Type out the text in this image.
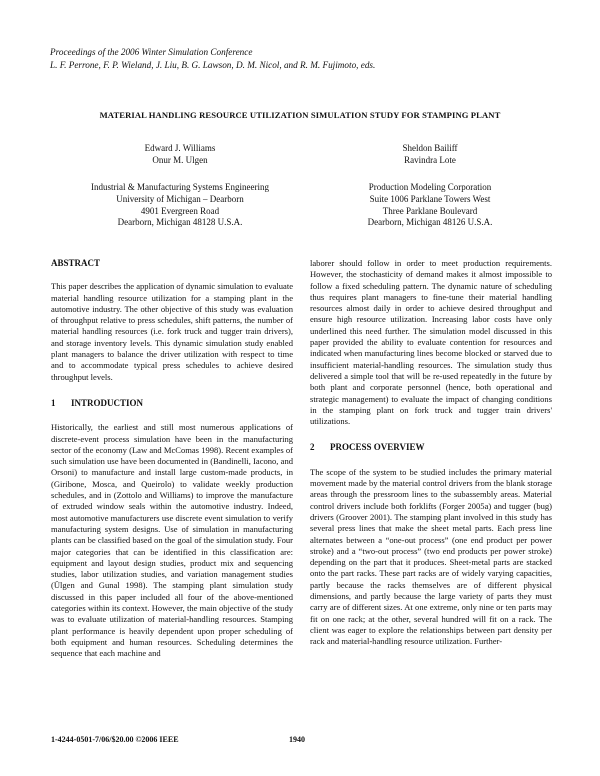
Proceedings of the 2006 Winter Simulation Conference
L. F. Perrone, F. P. Wieland, J. Liu, B. G. Lawson, D. M. Nicol, and R. M. Fujimoto, eds.
MATERIAL HANDLING RESOURCE UTILIZATION SIMULATION STUDY FOR STAMPING PLANT
Edward J. Williams
Onur M. Ulgen
Industrial & Manufacturing Systems Engineering
University of Michigan – Dearborn
4901 Evergreen Road
Dearborn, Michigan 48128 U.S.A.
Sheldon Bailiff
Ravindra Lote
Production Modeling Corporation
Suite 1006 Parklane Towers West
Three Parklane Boulevard
Dearborn, Michigan 48126 U.S.A.

ABSTRACT

This paper describes the application of dynamic simulation to evaluate material handling resource utilization for a stamping plant in the automotive industry. The other objective of this study was evaluation of throughput relative to press schedules, shift patterns, the number of material handling resources (i.e. fork truck and tugger train drivers), and storage inventory levels. This dynamic simulation study enabled plant managers to balance the driver utilization with respect to time and to accommodate typical press schedules to achieve desired throughput levels.

1 INTRODUCTION

Historically, the earliest and still most numerous applications of discrete-event process simulation have been in the manufacturing sector of the economy (Law and McComas 1998). Recent examples of such simulation use have been documented in (Bandinelli, Iacono, and Orsoni) to manufacture and install large custom-made products, in (Giribone, Mosca, and Queirolo) to validate weekly production schedules, and in (Zottolo and Williams) to improve the manufacture of extruded window seals within the automotive industry. Indeed, most automotive manufacturers use discrete event simulation to verify manufacturing system designs. Use of simulation in manufacturing plants can be classified based on the goal of the simulation study. Four major categories that can be identified in this classification are: equipment and layout design studies, product mix and sequencing studies, labor utilization studies, and variation management studies (Ülgen and Gunal 1998). The stamping plant simulation study discussed in this paper included all four of the above-mentioned categories within its context. However, the main objective of the study was to evaluate utilization of material-handling resources. Stamping plant performance is heavily dependent upon proper scheduling of both equipment and human resources. Scheduling determines the sequence that each machine and

laborer should follow in order to meet production requirements. However, the stochasticity of demand makes it almost impossible to follow a fixed scheduling pattern. The dynamic nature of scheduling thus requires plant managers to fine-tune their material handling resources almost daily in order to achieve desired throughput and ensure high resource utilization. Increasing labor costs have only underlined this need further. The simulation model discussed in this paper provided the ability to evaluate contention for resources and indicated when manufacturing lines become blocked or starved due to insufficient material-handling resources. The simulation study thus delivered a simple tool that will be re-used repeatedly in the future by both plant and corporate personnel (hence, both operational and strategic management) to evaluate the impact of changing conditions in the stamping plant on fork truck and tugger train drivers' utilizations.

2 PROCESS OVERVIEW

The scope of the system to be studied includes the primary material movement made by the material control drivers from the blank storage areas through the pressroom lines to the subassembly areas. Material control drivers include both forklifts (Forger 2005a) and tugger (bug) drivers (Groover 2001). The stamping plant involved in this study has several press lines that make the sheet metal parts. Each press line alternates between a “one-out process” (one end product per power stroke) and a “two-out process” (two end products per power stroke) depending on the part that it produces. Sheet-metal parts are stacked onto the part racks. These part racks are of widely varying capacities, partly because the racks themselves are of different physical dimensions, and partly because the large variety of parts they must carry are of different sizes. At one extreme, only nine or ten parts may fit on one rack; at the other, several hundred will fit on a rack. The client was eager to explore the relationships between part density per rack and material-handling resource utilization. Further-

1-4244-0501-7/06/$20.00 ©2006 IEEE	1940
